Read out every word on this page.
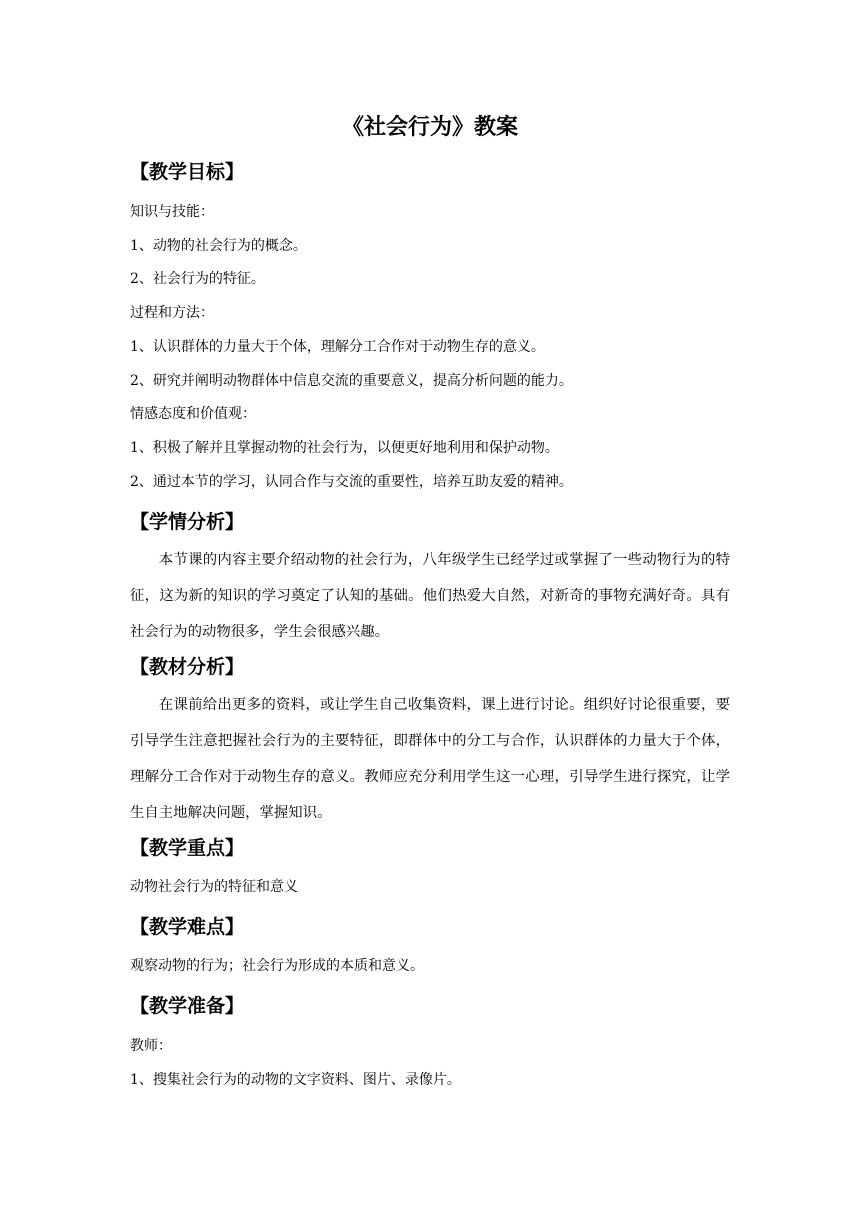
《社会行为》教案
【教学目标】
知识与技能：
1、动物的社会行为的概念。
2、社会行为的特征。
过程和方法：
1、认识群体的力量大于个体，理解分工合作对于动物生存的意义。
2、研究并阐明动物群体中信息交流的重要意义，提高分析问题的能力。
情感态度和价值观：
1、积极了解并且掌握动物的社会行为，以便更好地利用和保护动物。
2、通过本节的学习，认同合作与交流的重要性，培养互助友爱的精神。
【学情分析】
本节课的内容主要介绍动物的社会行为，八年级学生已经学过或掌握了一些动物行为的特征，这为新的知识的学习奠定了认知的基础。他们热爱大自然，对新奇的事物充满好奇。具有社会行为的动物很多，学生会很感兴趣。
【教材分析】
在课前给出更多的资料，或让学生自己收集资料，课上进行讨论。组织好讨论很重要，要引导学生注意把握社会行为的主要特征，即群体中的分工与合作，认识群体的力量大于个体，理解分工合作对于动物生存的意义。教师应充分利用学生这一心理，引导学生进行探究，让学生自主地解决问题，掌握知识。
【教学重点】
动物社会行为的特征和意义
【教学难点】
观察动物的行为；社会行为形成的本质和意义。
【教学准备】
教师：
1、搜集社会行为的动物的文字资料、图片、录像片。
